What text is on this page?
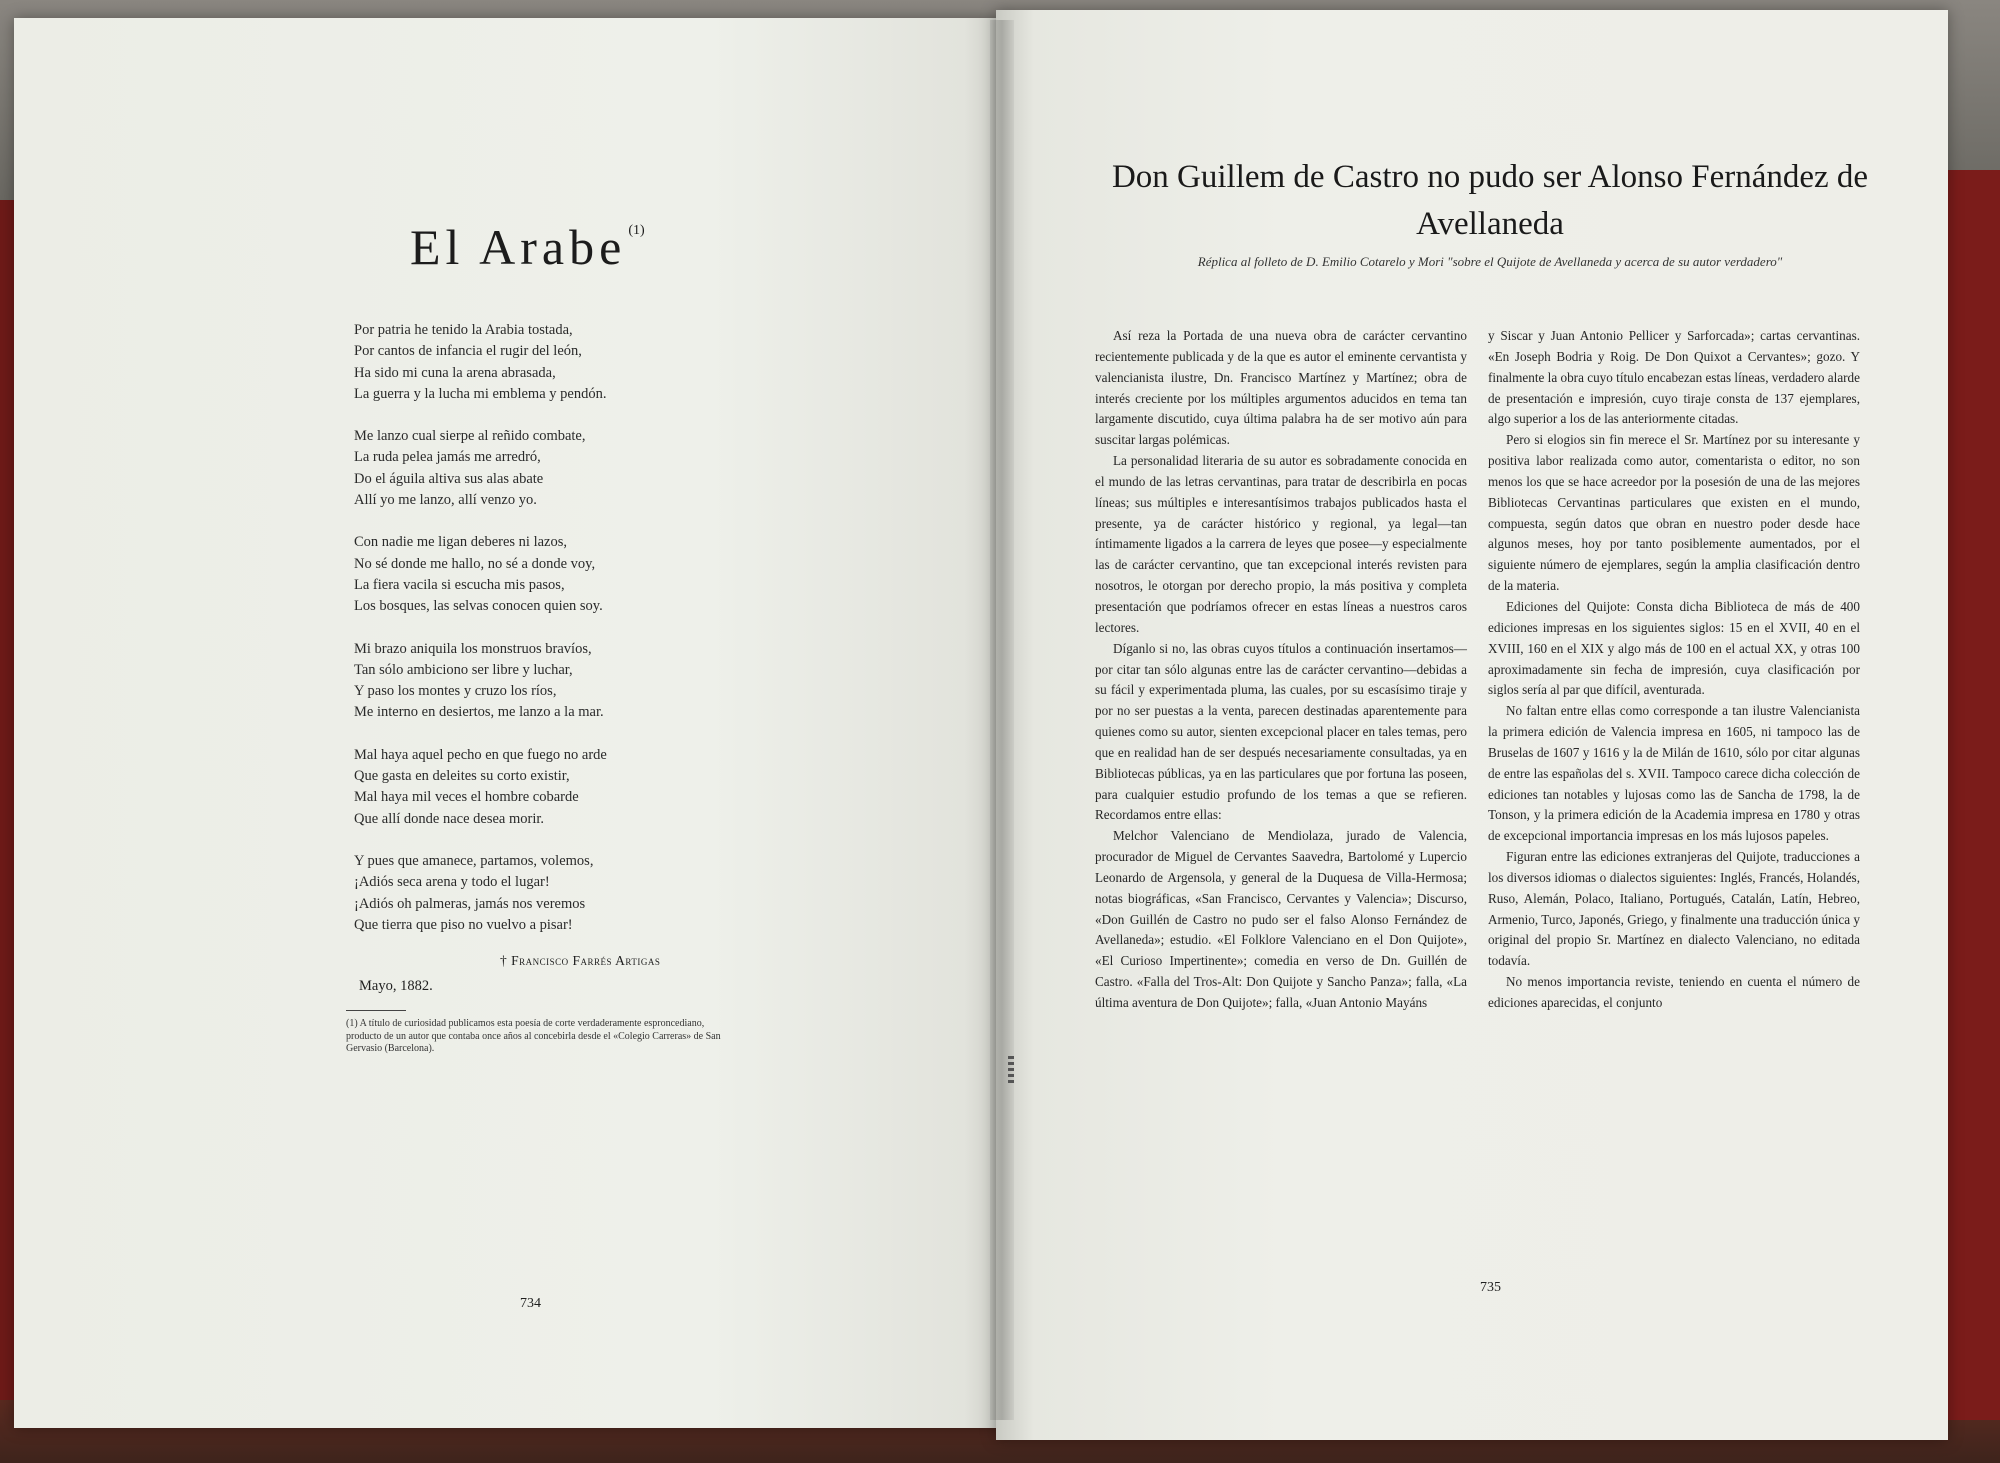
El Arabe $^{(1)}$
Por patria he tenido la Arabia tostada,
Por cantos de infancia el rugir del león,
Ha sido mi cuna la arena abrasada,
La guerra y la lucha mi emblema y pendón.
Me lanzo cual sierpe al reñido combate,
La ruda pelea jamás me arredró,
Do el águila altiva sus alas abate
Allí yo me lanzo, allí venzo yo.
Con nadie me ligan deberes ni lazos,
No sé donde me hallo, no sé a donde voy,
La fiera vacila si escucha mis pasos,
Los bosques, las selvas conocen quien soy.
Mi brazo aniquila los monstruos bravíos,
Tan sólo ambiciono ser libre y luchar,
Y paso los montes y cruzo los ríos,
Me interno en desiertos, me lanzo a la mar.
Mal haya aquel pecho en que fuego no arde
Que gasta en deleites su corto existir,
Mal haya mil veces el hombre cobarde
Que allí donde nace desea morir.
Y pues que amanece, partamos, volemos,
¡Adiós seca arena y todo el lugar!
¡Adiós oh palmeras, jamás nos veremos
Que tierra que piso no vuelvo a pisar!
† Francisco Farrés Artigas
Mayo, 1882.
(1) A título de curiosidad publicamos esta poesía de corte verdaderamente esproncediano, producto de un autor que contaba once años al concebirla desde el «Colegio Carreras» de San Gervasio (Barcelona).
734
Don Guillem de Castro no pudo ser Alonso Fernández de Avellaneda
Réplica al folleto de D. Emilio Cotarelo y Mori "sobre el Quijote de Avellaneda y acerca de su autor verdadero"

Así reza la Portada de una nueva obra de carácter cervantino recientemente publicada y de la que es autor el eminente cervantista y valencianista ilustre, Dn. Francisco Martínez y Martínez; obra de interés creciente por los múltiples argumentos aducidos en tema tan largamente discutido, cuya última palabra ha de ser motivo aún para suscitar largas polémicas.

La personalidad literaria de su autor es sobradamente conocida en el mundo de las letras cervantinas, para tratar de describirla en pocas líneas; sus múltiples e interesantísimos trabajos publicados hasta el presente, ya de carácter histórico y regional, ya legal—tan íntimamente ligados a la carrera de leyes que posee—y especialmente las de carácter cervantino, que tan excepcional interés revisten para nosotros, le otorgan por derecho propio, la más positiva y completa presentación que podríamos ofrecer en estas líneas a nuestros caros lectores.

Díganlo si no, las obras cuyos títulos a continuación insertamos—por citar tan sólo algunas entre las de carácter cervantino—debidas a su fácil y experimentada pluma, las cuales, por su escasísimo tiraje y por no ser puestas a la venta, parecen destinadas aparentemente para quienes como su autor, sienten excepcional placer en tales temas, pero que en realidad han de ser después necesariamente consultadas, ya en Bibliotecas públicas, ya en las particulares que por fortuna las poseen, para cualquier estudio profundo de los temas a que se refieren. Recordamos entre ellas:

Melchor Valenciano de Mendiolaza, jurado de Valencia, procurador de Miguel de Cervantes Saavedra, Bartolomé y Lupercio Leonardo de Argensola, y general de la Duquesa de Villa-Hermosa; notas biográficas, «San Francisco, Cervantes y Valencia»; Discurso, «Don Guillén de Castro no pudo ser el falso Alonso Fernández de Avellaneda»; estudio. «El Folklore Valenciano en el Don Quijote», «El Curioso Impertinente»; comedia en verso de Dn. Guillén de Castro. «Falla del Tros-Alt: Don Quijote y Sancho Panza»; falla, «La última aventura de Don Quijote»; falla, «Juan Antonio Mayáns

y Siscar y Juan Antonio Pellicer y Sarforcada»; cartas cervantinas. «En Joseph Bodria y Roig. De Don Quixot a Cervantes»; gozo. Y finalmente la obra cuyo título encabezan estas líneas, verdadero alarde de presentación e impresión, cuyo tiraje consta de 137 ejemplares, algo superior a los de las anteriormente citadas.

Pero si elogios sin fin merece el Sr. Martínez por su interesante y positiva labor realizada como autor, comentarista o editor, no son menos los que se hace acreedor por la posesión de una de las mejores Bibliotecas Cervantinas particulares que existen en el mundo, compuesta, según datos que obran en nuestro poder desde hace algunos meses, hoy por tanto posiblemente aumentados, por el siguiente número de ejemplares, según la amplia clasificación dentro de la materia.

Ediciones del Quijote: Consta dicha Biblioteca de más de 400 ediciones impresas en los siguientes siglos: 15 en el XVII, 40 en el XVIII, 160 en el XIX y algo más de 100 en el actual XX, y otras 100 aproximadamente sin fecha de impresión, cuya clasificación por siglos sería al par que difícil, aventurada.

No faltan entre ellas como corresponde a tan ilustre Valencianista la primera edición de Valencia impresa en 1605, ni tampoco las de Bruselas de 1607 y 1616 y la de Milán de 1610, sólo por citar algunas de entre las españolas del s. XVII. Tampoco carece dicha colección de ediciones tan notables y lujosas como las de Sancha de 1798, la de Tonson, y la primera edición de la Academia impresa en 1780 y otras de excepcional importancia impresas en los más lujosos papeles.

Figuran entre las ediciones extranjeras del Quijote, traducciones a los diversos idiomas o dialectos siguientes: Inglés, Francés, Holandés, Ruso, Alemán, Polaco, Italiano, Portugués, Catalán, Latín, Hebreo, Armenio, Turco, Japonés, Griego, y finalmente una traducción única y original del propio Sr. Martínez en dialecto Valenciano, no editada todavía.

No menos importancia reviste, teniendo en cuenta el número de ediciones aparecidas, el conjunto

735
